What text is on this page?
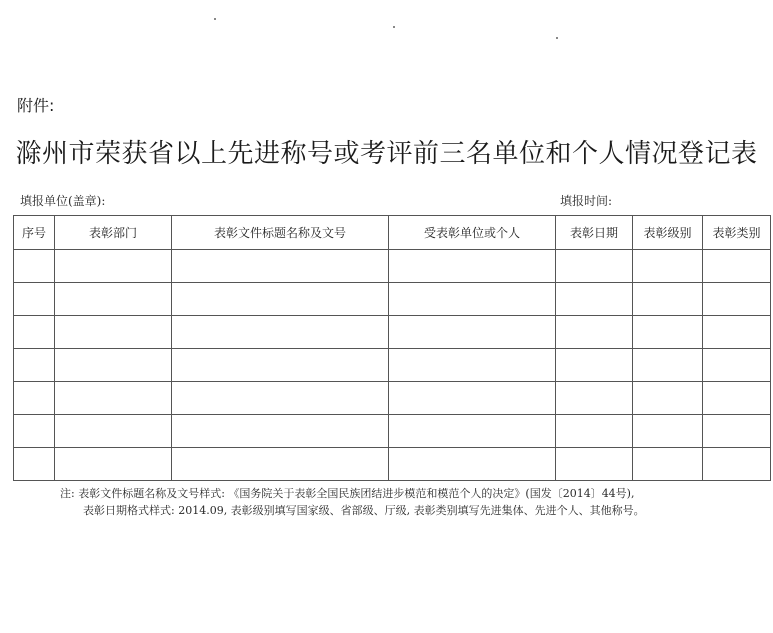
附件:
滁州市荣获省以上先进称号或考评前三名单位和个人情况登记表
填报单位(盖章):	填报时间:
序号	表彰部门	表彰文件标题名称及文号	受表彰单位或个人	表彰日期	表彰级别	表彰类别

注: 表彰文件标题名称及文号样式: 《国务院关于表彰全国民族团结进步模范和模范个人的决定》(国发〔2014〕44号),
表彰日期格式样式: 2014.09, 表彰级别填写国家级、省部级、厅级, 表彰类别填写先进集体、先进个人、其他称号。
